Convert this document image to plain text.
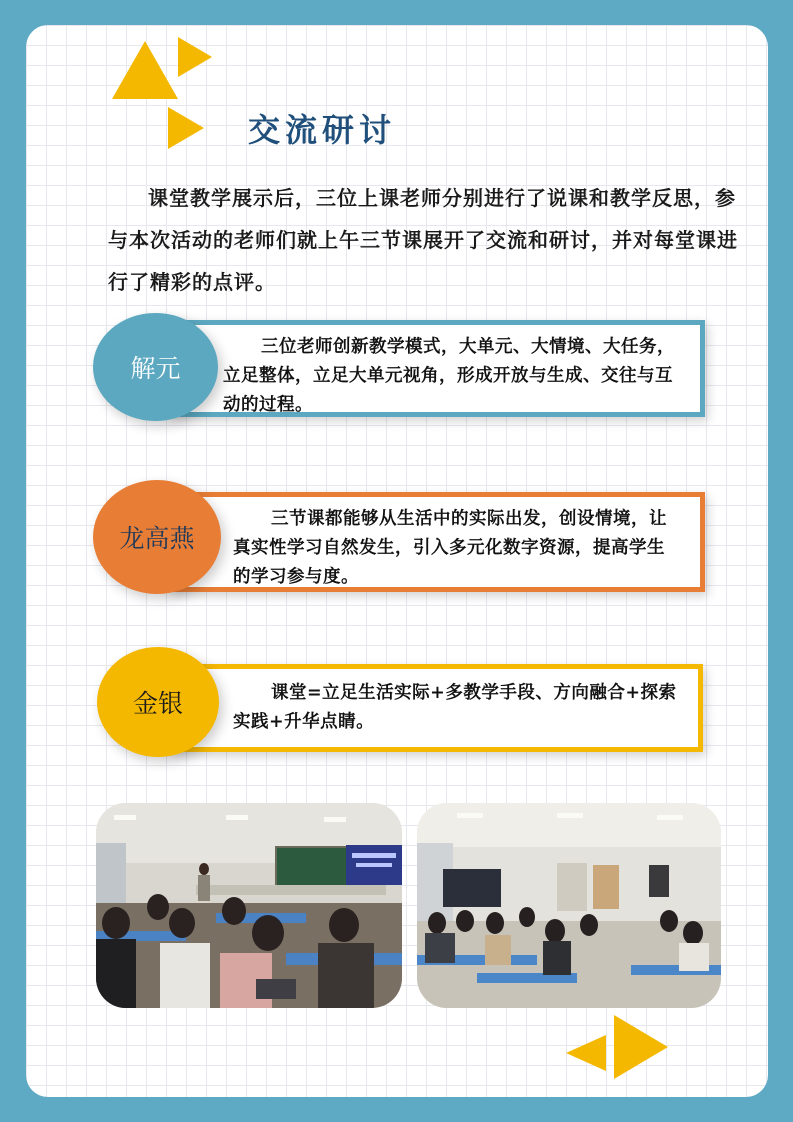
交流研讨

课堂教学展示后，三位上课老师分别进行了说课和教学反思，参与本次活动的老师们就上午三节课展开了交流和研讨，并对每堂课进行了精彩的点评。

三位老师创新教学模式，大单元、大情境、大任务，立足整体，立足大单元视角，形成开放与生成、交往与互动的过程。

解元

三节课都能够从生活中的实际出发，创设情境，让真实性学习自然发生，引入多元化数字资源，提高学生的学习参与度。

龙高燕

课堂=立足生活实际+多教学手段、方向融合+探索实践+升华点睛。

金银
